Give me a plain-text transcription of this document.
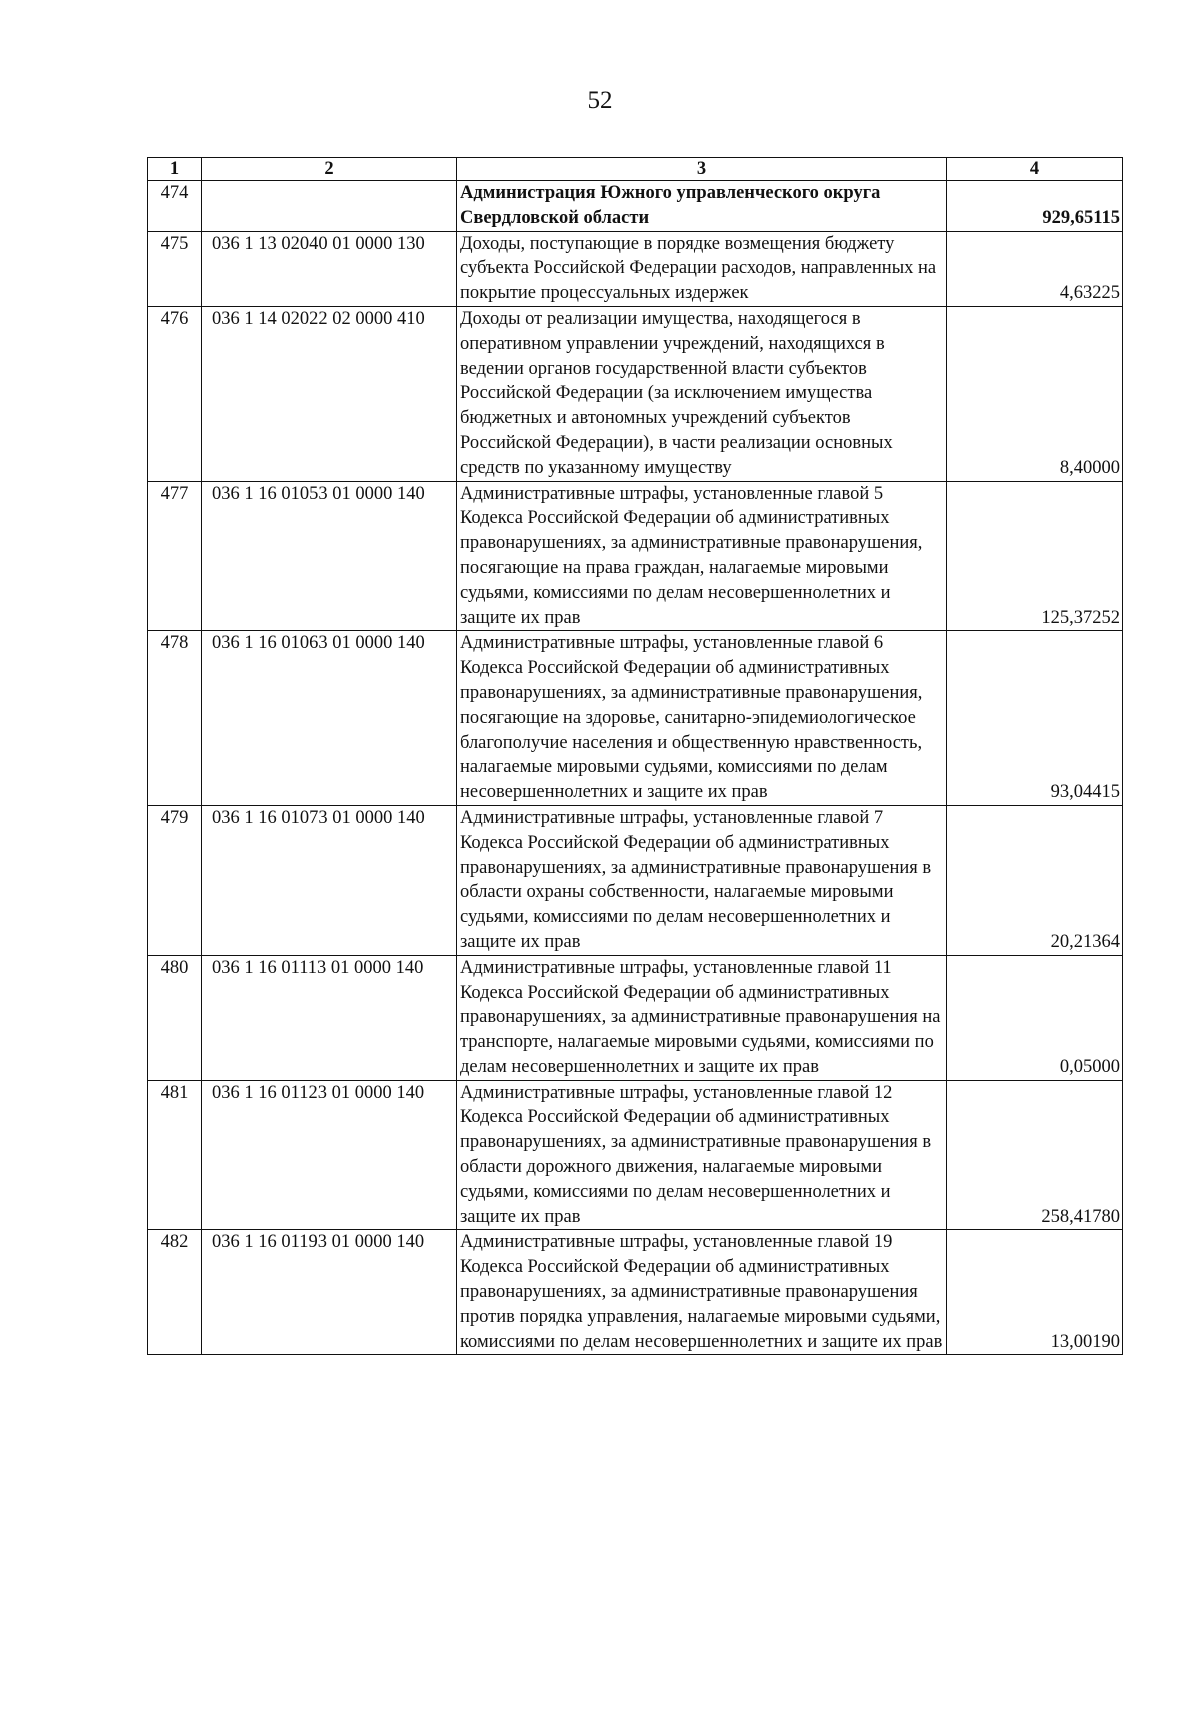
52
1	2	3	4
474		Администрация Южного управленческого округа Свердловской области	929,65115
475	036 1 13 02040 01 0000 130	Доходы, поступающие в порядке возмещения бюджету субъекта Российской Федерации расходов, направленных на покрытие процессуальных издержек	4,63225
476	036 1 14 02022 02 0000 410	Доходы от реализации имущества, находящегося в оперативном управлении учреждений, находящихся в ведении органов государственной власти субъектов Российской Федерации (за исключением имущества бюджетных и автономных учреждений субъектов Российской Федерации), в части реализации основных средств по указанному имуществу	8,40000
477	036 1 16 01053 01 0000 140	Административные штрафы, установленные главой 5 Кодекса Российской Федерации об административных правонарушениях, за административные правонарушения, посягающие на права граждан, налагаемые мировыми судьями, комиссиями по делам несовершеннолетних и защите их прав	125,37252
478	036 1 16 01063 01 0000 140	Административные штрафы, установленные главой 6 Кодекса Российской Федерации об административных правонарушениях, за административные правонарушения, посягающие на здоровье, санитарно-эпидемиологическое благополучие населения и общественную нравственность, налагаемые мировыми судьями, комиссиями по делам несовершеннолетних и защите их прав	93,04415
479	036 1 16 01073 01 0000 140	Административные штрафы, установленные главой 7 Кодекса Российской Федерации об административных правонарушениях, за административные правонарушения в области охраны собственности, налагаемые мировыми судьями, комиссиями по делам несовершеннолетних и защите их прав	20,21364
480	036 1 16 01113 01 0000 140	Административные штрафы, установленные главой 11 Кодекса Российской Федерации об административных правонарушениях, за административные правонарушения на транспорте, налагаемые мировыми судьями, комиссиями по делам несовершеннолетних и защите их прав	0,05000
481	036 1 16 01123 01 0000 140	Административные штрафы, установленные главой 12 Кодекса Российской Федерации об административных правонарушениях, за административные правонарушения в области дорожного движения, налагаемые мировыми судьями, комиссиями по делам несовершеннолетних и защите их прав	258,41780
482	036 1 16 01193 01 0000 140	Административные штрафы, установленные главой 19 Кодекса Российской Федерации об административных правонарушениях, за административные правонарушения против порядка управления, налагаемые мировыми судьями, комиссиями по делам несовершеннолетних и защите их прав	13,00190
